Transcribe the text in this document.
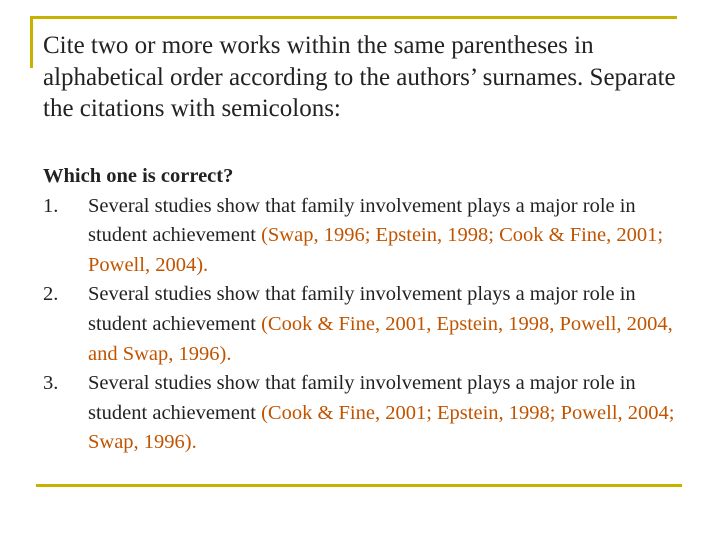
Cite two or more works within the same parentheses in alphabetical order according to the authors’ surnames. Separate the citations with semicolons:
Which one is correct?
1.	Several studies show that family involvement plays a major role in student achievement (Swap, 1996; Epstein, 1998; Cook & Fine, 2001; Powell, 2004).
2.	Several studies show that family involvement plays a major role in student achievement (Cook & Fine, 2001, Epstein, 1998, Powell, 2004, and Swap, 1996).
3.	Several studies show that family involvement plays a major role in student achievement (Cook & Fine, 2001; Epstein, 1998; Powell, 2004; Swap, 1996).
